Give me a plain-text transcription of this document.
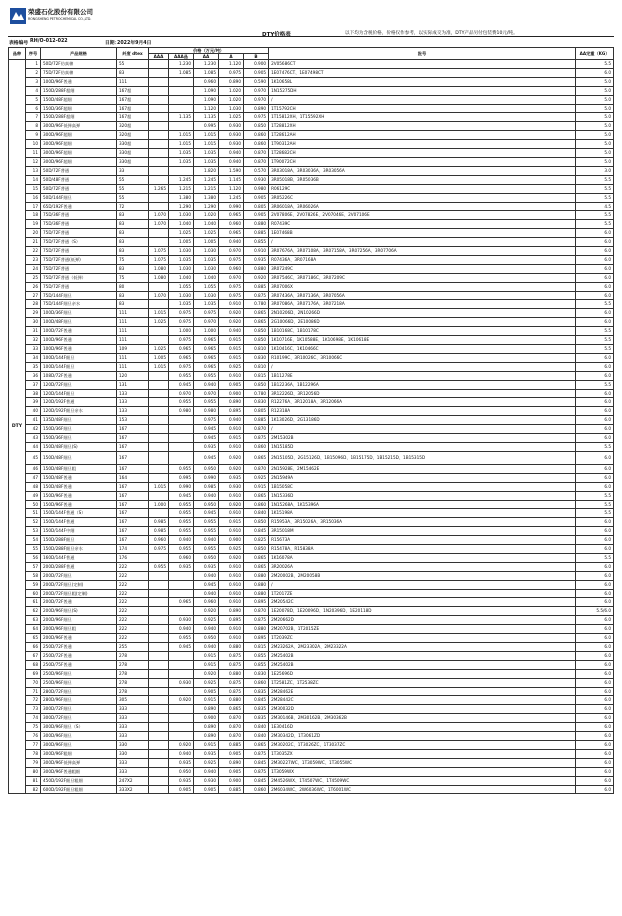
荣盛石化股份有限公司
RONGSHENG PETROCHEMICAL CO.,LTD.
DTY价格表	以下均为含税价格，价格仅作参考，以实际成交为准，DTY产品另付包装费10元/吨。
表格编号 RH/O-012-022	日期：
2022年9月4日
品种	序号	产品规格	纤度 dtex	价格（万元/吨）					批号	AA定重（KG）
				AAA	AAA品	AA	A	B		
DTY	1	50D/72F仿真棉	55		1.230	1.230	1.120	0.900	2V05686CT	5.5
	2	75D/72F仿真棉	83		1.085	1.085	0.975	0.905	1E07476CT、1E07498CT	6.0
	3	100D/96F普通	111			0.960	0.890	0.590	1K10658L	5.0
	4	150D/288F超细	167超			1.090	1.020	0.970	1N15275DH	5.0
	5	150D/48F超细	167超			1.090	1.020	0.970	/	5.0
	6	150D/36F超细	167超			1.120	1.030	0.890	1T15792CH	5.0
	7	150D/288F超细	167超		1.135	1.135	1.025	0.975	1T15812XH、1T15592XH	5.0
	8	300D/96F低弹高弹	320超			0.995	0.930	0.850	1T28812XH	5.0
	9	300D/96F超细	320超		1.015	1.015	0.930	0.860	1T28612AH	5.0
	10	300D/96F超细	330超		1.015	1.015	0.930	0.860	1T90312AH	5.0
	11	300D/96F超细	330超		1.035	1.035	0.940	0.870	1T28682CH	5.0
	12	300D/96F超细	330超		1.035	1.035	0.940	0.870	1T90072CH	5.0
	13	50D/72F普通	33			1.820	1.590	0.570	3R03018A、3R03036A、3R03056A	3.0
	14	50D/48F普通	55		1.245	1.245	1.145	0.930	3R05018B、3R05036B	5.5
	15	50D/72F普通	55	1.265	1.215	1.215	1.120	0.980	R06129C	5.5
	16	50D/144F细旦	55		1.380	1.380	1.245	0.905	3R05226C	5.5
	17	65D/192F普通	72		1.290	1.290	0.990	0.805	3R06018A、3R06026A	4.5
	18	75D/36F普通	83	1.070	1.030	1.020	0.965	0.905	2V07806E、2V07826E、2V07046E、2V07106E	5.5
	19	75D/36F普通	83	1.070	1.040	1.040	0.960	0.880	R07439C	5.5
	20	75D/72F普通	83		1.025	1.025	0.965	0.885	1E07468B	6.0
	21	75D/72F普通（S）	83		1.005	1.005	0.940	0.855	/	6.0
	22	75D/72F普通	83	1.075	1.030	1.030	0.970	0.910	3R07676A、3R07108A、3R07158A、3R07256A、3R07706A	6.0
	23	75D/72F普通(低弹)	75	1.075	1.035	1.035	0.975	0.935	R07436A、3R07168A	6.0
	24	75D/72F普通	83	1.080	1.030	1.030	0.960	0.880	3R07249C	6.0
	25	75D/72F普通（低弹）	75	1.080	1.040	1.040	0.970	0.920	3R07546C、3R07186C、3R07209C	6.0
	26	75D/72F普通	80		1.055	1.055	0.975	0.885	3R07006X	6.0
	27	75D/144F细旦	83	1.070	1.030	1.030	0.975	0.875	3R07436A、3R07136A、3R07056A	6.0
	28	75D/144F细旦亲水	83		1.035	1.035	0.910	0.780	3R07086A、3R07176A、3R07218A	5.5
	29	100D/36F细旦	111	1.015	0.975	0.975	0.920	0.865	2N10206D、2N10266D	6.0
	30	100D/48F细旦	111	1.025	0.975	0.970	0.920	0.865	2G10066D、2E10086D	6.0
	31	100D/72F普通	111		1.000	1.000	0.940	0.850	1B10168C、1B10178C	5.5
	32	100D/96F普通	111		0.975	0.965	0.915	0.850	1K10716E、1K10588E、1K10698E、1K10618E	5.5
	33	100D/96F普通	109	1.025	0.965	0.965	0.915	0.810	1K10416C、1K10466C	5.5
	34	100D/144F细旦	111	1.005	0.965	0.965	0.915	0.830	R10199C、3R10026C、3R10066C	6.0
	35	100D/144F细旦	111	1.015	0.975	0.965	0.925	0.810	/	6.0
	36	108D/72F普通	120		0.955	0.955	0.910	0.815	1B11278E	6.0
	37	120D/72F细旦	131		0.945	0.940	0.905	0.850	1B12236A、1B12296A	5.5
	38	120D/144F细旦	133		0.970	0.970	0.900	0.780	3R12226D、3R12056D	6.0
	39	120D/192F普通	133		0.955	0.955	0.890	0.830	R12276A、3R12018A、3R12066A	6.0
	40	120D/192F细旦亲水	133		0.980	0.980	0.895	0.805	R12318A	6.0
	41	135D/48F细旦	153			0.975	0.940	0.885	1K13026D、2G13186D	6.0
	42	150D/36F细旦	167			0.945	0.910	0.870	/	6.0
	43	150D/36F细旦	167			0.945	0.915	0.875	2M15302B	6.0
	44	150D/48F细旦(S)	167			0.935	0.910	0.860	1N15185D	5.5
	45	150D/48F细旦	167			0.945	0.920	0.865	2N15105D、2G15126D、1B15096D、1B15175D、1B15215D、1B15315D	6.0
	46	150D/48F细旦粗	167		0.955	0.950	0.920	0.870	2N15928E、2M15462E	6.0
	47	150D/48F普通	164		0.995	0.990	0.935	0.925	2N15949A	6.0
	48	150D/48F普通	167	1.015	0.990	0.985	0.930	0.915	1B15058C	6.0
	49	150D/96F普通	167		0.945	0.940	0.910	0.865	1N15336D	5.5
	50	150D/96F普通	167	1.000	0.955	0.950	0.920	0.860	1N15268A、1K15396A	5.5
	51	150D/144F普通（S）	167		0.955	0.945	0.910	0.840	1K15198A	5.5
	52	150D/144F普通	167	0.985	0.955	0.955	0.915	0.850	R15953A、3R15026A、3R15036A	6.0
	53	150D/144F中细	167	0.985	0.955	0.955	0.910	0.845	3R15018M	6.0
	54	150D/288F细旦	167	0.960	0.940	0.940	0.900	0.825	R15673A	6.0
	55	150D/288F细旦亲水	174	0.975	0.955	0.955	0.925	0.850	R15478A、R15838A	6.0
	56	160D/144F普通	176		0.960	0.950	0.920	0.865	1K16078A	5.5
	57	200D/288F普通	222	0.955	0.935	0.935	0.910	0.865	3R20026A	6.0
	58	200D/72F细旦	222			0.940	0.910	0.880	2M20002B、2M20058B	6.0
	59	200D/72F细旦(定制)	222			0.945	0.910	0.880	/	6.0
	60	200D/72F细旦粗(定制)	222			0.940	0.910	0.880	1T2017ZE	6.0
	61	200D/72F普通	222		0.965	0.960	0.910	0.895	2M20542C	6.0
	62	200D/96F细旦(S)	222			0.920	0.890	0.870	1E20078D、1E20096D、1N20396D、1E20118D	5.5/6.0
	63	200D/96F细旦	222		0.930	0.925	0.895	0.875	2M20662D	6.0
	64	200D/96F细旦粗	222		0.940	0.940	0.910	0.880	2M20702B、1T2015ZE	6.0
	65	200D/96F普通	222		0.955	0.950	0.910	0.895	1T2039ZC	6.0
	66	250D/72F普通	255		0.945	0.940	0.880	0.815	2M23262A、2M23302A、2M23322A	6.0
	67	250D/72F普通	278			0.915	0.875	0.855	2M25402B	6.0
	68	250D/75F普通	278			0.915	0.875	0.855	2M25402B	6.0
	69	250D/96F细旦	278			0.920	0.880	0.830	1E25696D	6.0
	70	250D/96F细旦	278		0.930	0.925	0.875	0.860	1T2581ZC、1T2538ZC	6.0
	71	280D/72F细旦	278			0.905	0.875	0.835	2M28462E	6.0
	72	280D/96F细旦	305		0.920	0.915	0.880	0.845	2M28442C	6.0
	73	300D/72F细旦	333			0.890	0.865	0.835	2M30032D	6.0
	74	300D/72F细旦	333			0.900	0.870	0.835	2M30146B、2M30162B、2M30362B	6.0
	75	300D/96F细旦（S）	333			0.890	0.870	0.840	1E30416D	6.0
	76	300D/96F细旦	333			0.890	0.870	0.840	2M30342D、1T3061ZD	6.0
	77	300D/96F细旦	330		0.920	0.915	0.885	0.865	2M30202C、1T3026ZC、1T3037ZC	6.0
	78	300D/96F粗细	330		0.940	0.935	0.905	0.875	1T3035ZX	6.0
	79	300D/96F低弹高弹	333		0.935	0.925	0.890	0.845	2M30227WC、1T3059WC、1T3055WC	6.0
	80	300D/96F普通粗细	333		0.950	0.940	0.905	0.875	1T3059WX	6.0
	81	450D/192F细旦粗细	247X2		0.935	0.930	0.900	0.845	2M4526WX、1T4507WC、1T4509WC	6.0
	82	600D/192F细旦粗细	333X2		0.905	0.905	0.885	0.860	2M6034WC、2W6036WC、1T6001WC	6.0
